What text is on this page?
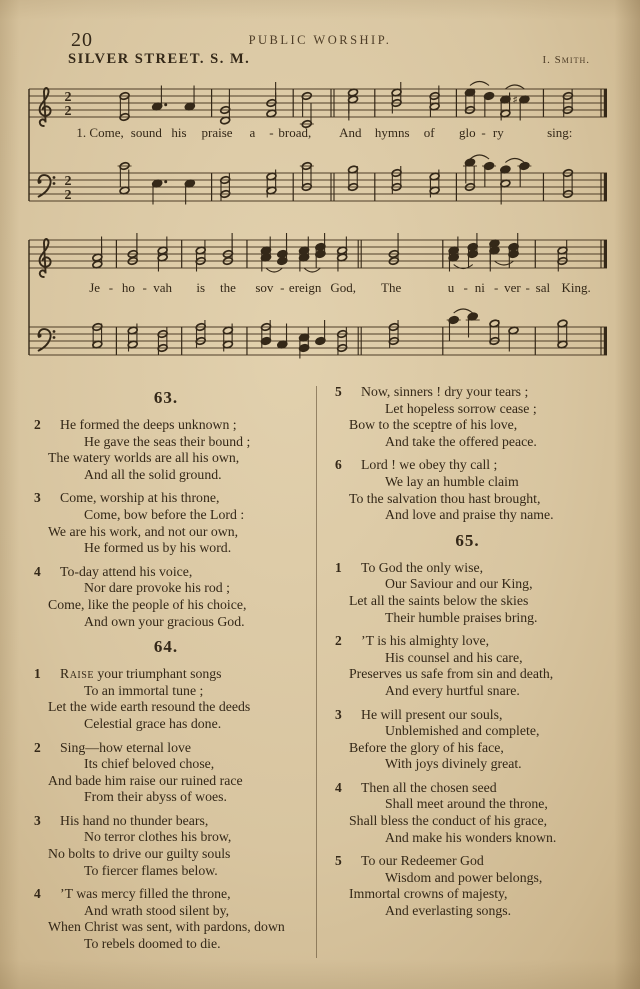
20	PUBLIC WORSHIP.
SILVER STREET. S. M.	I. Smith.
2
2
♯
2
2
1. Come, sound his praise a - broad, And hymns of glo - ry	sing:
Je - ho - vah is the sov - ereign God, The	u - ni - ver - sal King.
63.
2 He formed the deeps unknown ;
He gave the seas their bound ;
The watery worlds are all his own,
And all the solid ground.
3 Come, worship at his throne,
Come, bow before the Lord :
We are his work, and not our own,
He formed us by his word.
4 To-day attend his voice,
Nor dare provoke his rod ;
Come, like the people of his choice,
And own your gracious God.
64.
1 Raise your triumphant songs
To an immortal tune ;
Let the wide earth resound the deeds
Celestial grace has done.
2 Sing—how eternal love
Its chief beloved chose,
And bade him raise our ruined race
From their abyss of woes.
3 His hand no thunder bears,
No terror clothes his brow,
No bolts to drive our guilty souls
To fiercer flames below.
4 ’T was mercy filled the throne,
And wrath stood silent by,
When Christ was sent, with pardons, down
To rebels doomed to die.
5 Now, sinners ! dry your tears ;
Let hopeless sorrow cease ;
Bow to the sceptre of his love,
And take the offered peace.
6 Lord ! we obey thy call ;
We lay an humble claim
To the salvation thou hast brought,
And love and praise thy name.
65.
1 To God the only wise,
Our Saviour and our King,
Let all the saints below the skies
Their humble praises bring.
2 ’T is his almighty love,
His counsel and his care,
Preserves us safe from sin and death,
And every hurtful snare.
3 He will present our souls,
Unblemished and complete,
Before the glory of his face,
With joys divinely great.
4 Then all the chosen seed
Shall meet around the throne,
Shall bless the conduct of his grace,
And make his wonders known.
5 To our Redeemer God
Wisdom and power belongs,
Immortal crowns of majesty,
And everlasting songs.
